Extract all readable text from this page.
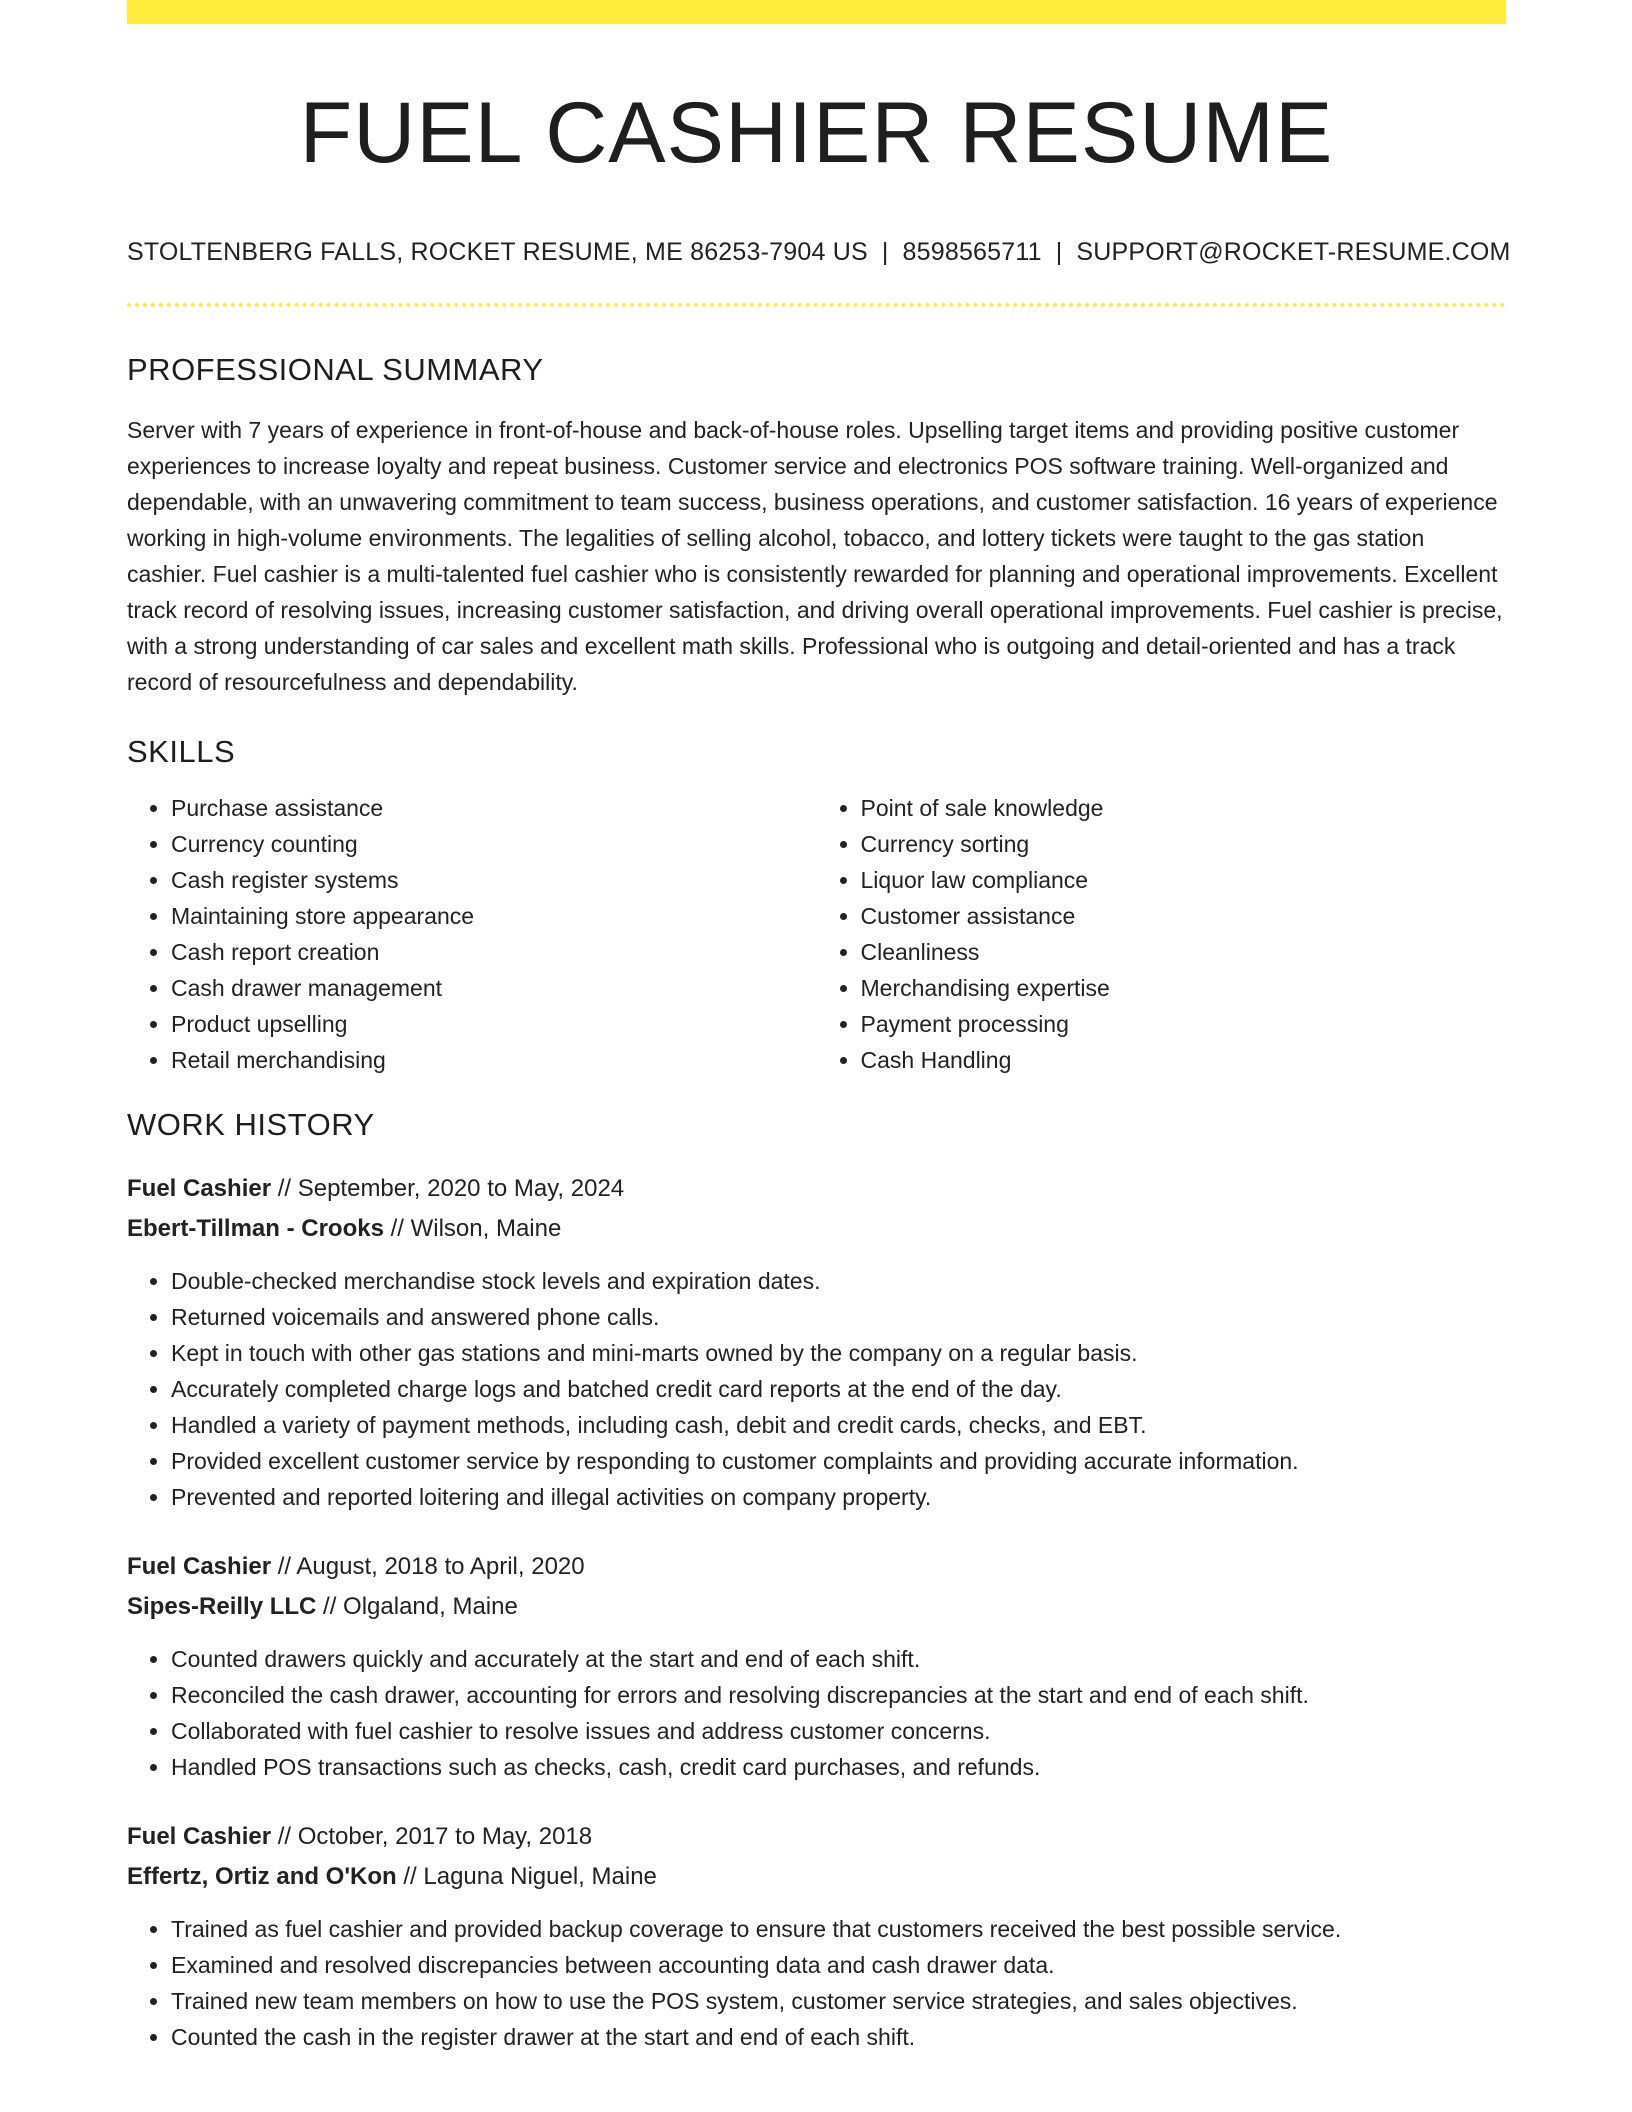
FUEL CASHIER RESUME
STOLTENBERG FALLS, ROCKET RESUME, ME 86253-7904 US | 8598565711 | SUPPORT@ROCKET-RESUME.COM
PROFESSIONAL SUMMARY

Server with 7 years of experience in front-of-house and back-of-house roles. Upselling target items and providing positive customer experiences to increase loyalty and repeat business. Customer service and electronics POS software training. Well-organized and dependable, with an unwavering commitment to team success, business operations, and customer satisfaction. 16 years of experience working in high-volume environments. The legalities of selling alcohol, tobacco, and lottery tickets were taught to the gas station cashier. Fuel cashier is a multi-talented fuel cashier who is consistently rewarded for planning and operational improvements. Excellent track record of resolving issues, increasing customer satisfaction, and driving overall operational improvements. Fuel cashier is precise, with a strong understanding of car sales and excellent math skills. Professional who is outgoing and detail-oriented and has a track record of resourcefulness and dependability.

SKILLS
• Purchase assistance
• Currency counting
• Cash register systems
• Maintaining store appearance
• Cash report creation
• Cash drawer management
• Product upselling
• Retail merchandising
• Point of sale knowledge
• Currency sorting
• Liquor law compliance
• Customer assistance
• Cleanliness
• Merchandising expertise
• Payment processing
• Cash Handling
WORK HISTORY
Fuel Cashier // September, 2020 to May, 2024
Ebert-Tillman - Crooks // Wilson, Maine
• Double-checked merchandise stock levels and expiration dates.
• Returned voicemails and answered phone calls.
• Kept in touch with other gas stations and mini-marts owned by the company on a regular basis.
• Accurately completed charge logs and batched credit card reports at the end of the day.
• Handled a variety of payment methods, including cash, debit and credit cards, checks, and EBT.
• Provided excellent customer service by responding to customer complaints and providing accurate information.
• Prevented and reported loitering and illegal activities on company property.
Fuel Cashier // August, 2018 to April, 2020
Sipes-Reilly LLC // Olgaland, Maine
• Counted drawers quickly and accurately at the start and end of each shift.
• Reconciled the cash drawer, accounting for errors and resolving discrepancies at the start and end of each shift.
• Collaborated with fuel cashier to resolve issues and address customer concerns.
• Handled POS transactions such as checks, cash, credit card purchases, and refunds.
Fuel Cashier // October, 2017 to May, 2018
Effertz, Ortiz and O'Kon // Laguna Niguel, Maine
• Trained as fuel cashier and provided backup coverage to ensure that customers received the best possible service.
• Examined and resolved discrepancies between accounting data and cash drawer data.
• Trained new team members on how to use the POS system, customer service strategies, and sales objectives.
• Counted the cash in the register drawer at the start and end of each shift.
